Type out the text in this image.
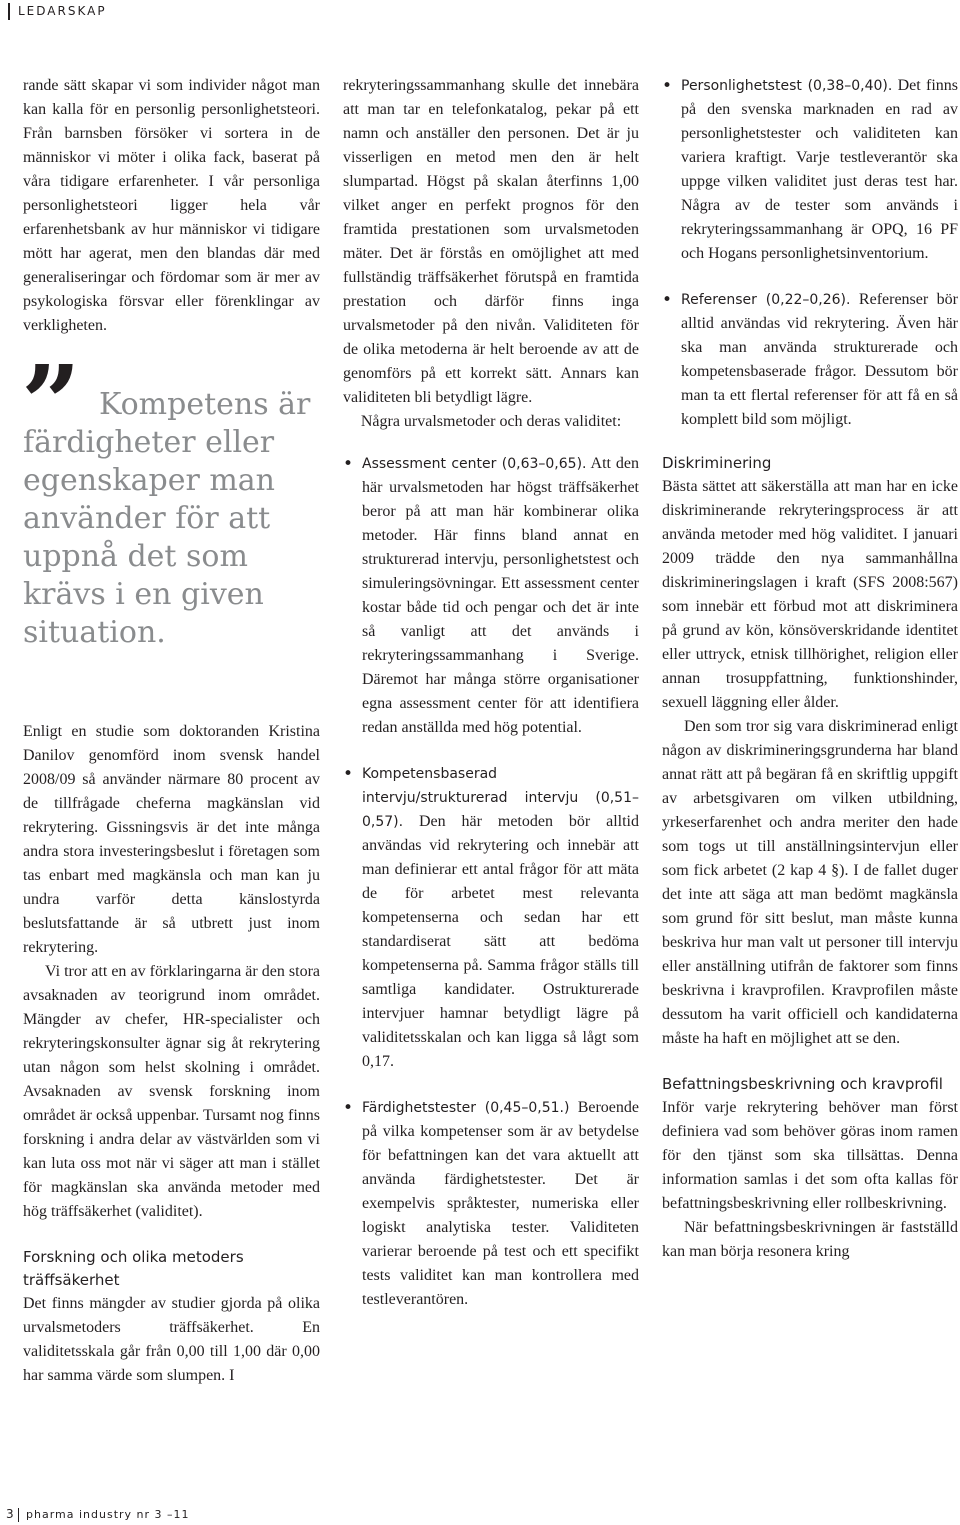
LEDARSKAP

rande sätt skapar vi som individer något man kan kalla för en personlig personlighetsteori. Från barnsben försöker vi sortera in de människor vi möter i olika fack, baserat på våra tidigare erfarenheter. I vår personliga personlighetsteori ligger hela vår erfarenhetsbank av hur människor vi tidigare mött har agerat, men den blandas där med generaliseringar och fördomar som är mer av psykologiska försvar eller förenklingar av verkligheten.

” Kompetens är färdigheter eller egenskaper man använder för att uppnå det som krävs i en given situation.

Enligt en studie som doktoranden Kristina Danilov genomförd inom svensk handel 2008/09 så använder närmare 80 procent av de tillfrågade cheferna magkänslan vid rekrytering. Gissningsvis är det inte många andra stora investeringsbeslut i företagen som tas enbart med magkänsla och man kan ju undra varför detta känslostyrda beslutsfattande är så utbrett just inom rekrytering.

Vi tror att en av förklaringarna är den stora avsaknaden av teorigrund inom området. Mängder av chefer, HR-specialister och rekryteringskonsulter ägnar sig åt rekrytering utan någon som helst skolning i området. Avsaknaden av svensk forskning inom området är också uppenbar. Tursamt nog finns forskning i andra delar av västvärlden som vi kan luta oss mot när vi säger att man i stället för magkänslan ska använda metoder med hög träffsäkerhet (validitet).

Forskning och olika metoders träffsäkerhet

Det finns mängder av studier gjorda på olika urvalsmetoders träffsäkerhet. En validitetsskala går från 0,00 till 1,00 där 0,00 har samma värde som slumpen. I

rekryteringssammanhang skulle det innebära att man tar en telefonkatalog, pekar på ett namn och anställer den personen. Det är ju visserligen en metod men den är helt slumpartad. Högst på skalan återfinns 1,00 vilket anger en perfekt prognos för den framtida prestationen som urvalsmetoden mäter. Det är förstås en omöjlighet att med fullständig träffsäkerhet förutspå en framtida prestation och därför finns inga urvalsmetoder på den nivån. Validiteten för de olika metoderna är helt beroende av att de genomförs på ett korrekt sätt. Annars kan validiteten bli betydligt lägre.

Några urvalsmetoder och deras validitet:

• Assessment center (0,63–0,65). Att den här urvalsmetoden har högst träffsäkerhet beror på att man här kombinerar olika metoder. Här finns bland annat en strukturerad intervju, personlighetstest och simuleringsövningar. Ett assessment center kostar både tid och pengar och det är inte så vanligt att det används i rekryteringssammanhang i Sverige. Däremot har många större organisationer egna assessment center för att identifiera redan anställda med hög potential.

• Kompetensbaserad intervju/strukturerad intervju (0,51–0,57). Den här metoden bör alltid användas vid rekrytering och innebär att man definierar ett antal frågor för att mäta de för arbetet mest relevanta kompetenserna och sedan har ett standardiserat sätt att bedöma kompetenserna på. Samma frågor ställs till samtliga kandidater. Ostrukturerade intervjuer hamnar betydligt lägre på validitetsskalan och kan ligga så lågt som 0,17.

• Färdighetstester (0,45–0,51.) Beroende på vilka kompetenser som är av betydelse för befattningen kan det vara aktuellt att använda färdighetstester. Det är exempelvis språktester, numeriska eller logiskt analytiska tester. Validiteten varierar beroende på test och ett specifikt tests validitet kan man kontrollera med testleverantören.

• Personlighetstest (0,38–0,40). Det finns på den svenska marknaden en rad av personlighetstester och validiteten kan variera kraftigt. Varje testleverantör ska uppge vilken validitet just deras test har. Några av de tester som används i rekryteringssammanhang är OPQ, 16 PF och Hogans personlighetsinventorium.

• Referenser (0,22–0,26). Referenser bör alltid användas vid rekrytering. Även här ska man använda strukturerade och kompetensbaserade frågor. Dessutom bör man ta ett flertal referenser för att få en så komplett bild som möjligt.

Diskriminering

Bästa sättet att säkerställa att man har en icke diskriminerande rekryteringsprocess är att använda metoder med hög validitet. I januari 2009 trädde den nya sammanhållna diskrimineringslagen i kraft (SFS 2008:567) som innebär ett förbud mot att diskriminera på grund av kön, könsöverskridande identitet eller uttryck, etnisk tillhörighet, religion eller annan trosuppfattning, funktionshinder, sexuell läggning eller ålder.

Den som tror sig vara diskriminerad enligt någon av diskrimineringsgrunderna har bland annat rätt att på begäran få en skriftlig uppgift av arbetsgivaren om vilken utbildning, yrkeserfarenhet och andra meriter den hade som togs ut till anställningsintervjun eller som fick arbetet (2 kap 4 §). I de fallet duger det inte att säga att man bedömt magkänsla som grund för sitt beslut, man måste kunna beskriva hur man valt ut personer till intervju eller anställning utifrån de faktorer som finns beskrivna i kravprofilen. Kravprofilen måste dessutom ha varit officiell och kandidaterna måste ha haft en möjlighet att se den.

Befattningsbeskrivning och kravprofil

Inför varje rekrytering behöver man först definiera vad som behöver göras inom ramen för den tjänst som ska tillsättas. Denna information samlas i det som ofta kallas för befattningsbeskrivning eller rollbeskrivning.

När befattningsbeskrivningen är fastställd kan man börja resonera kring

3 pharma industry nr 3 –11
